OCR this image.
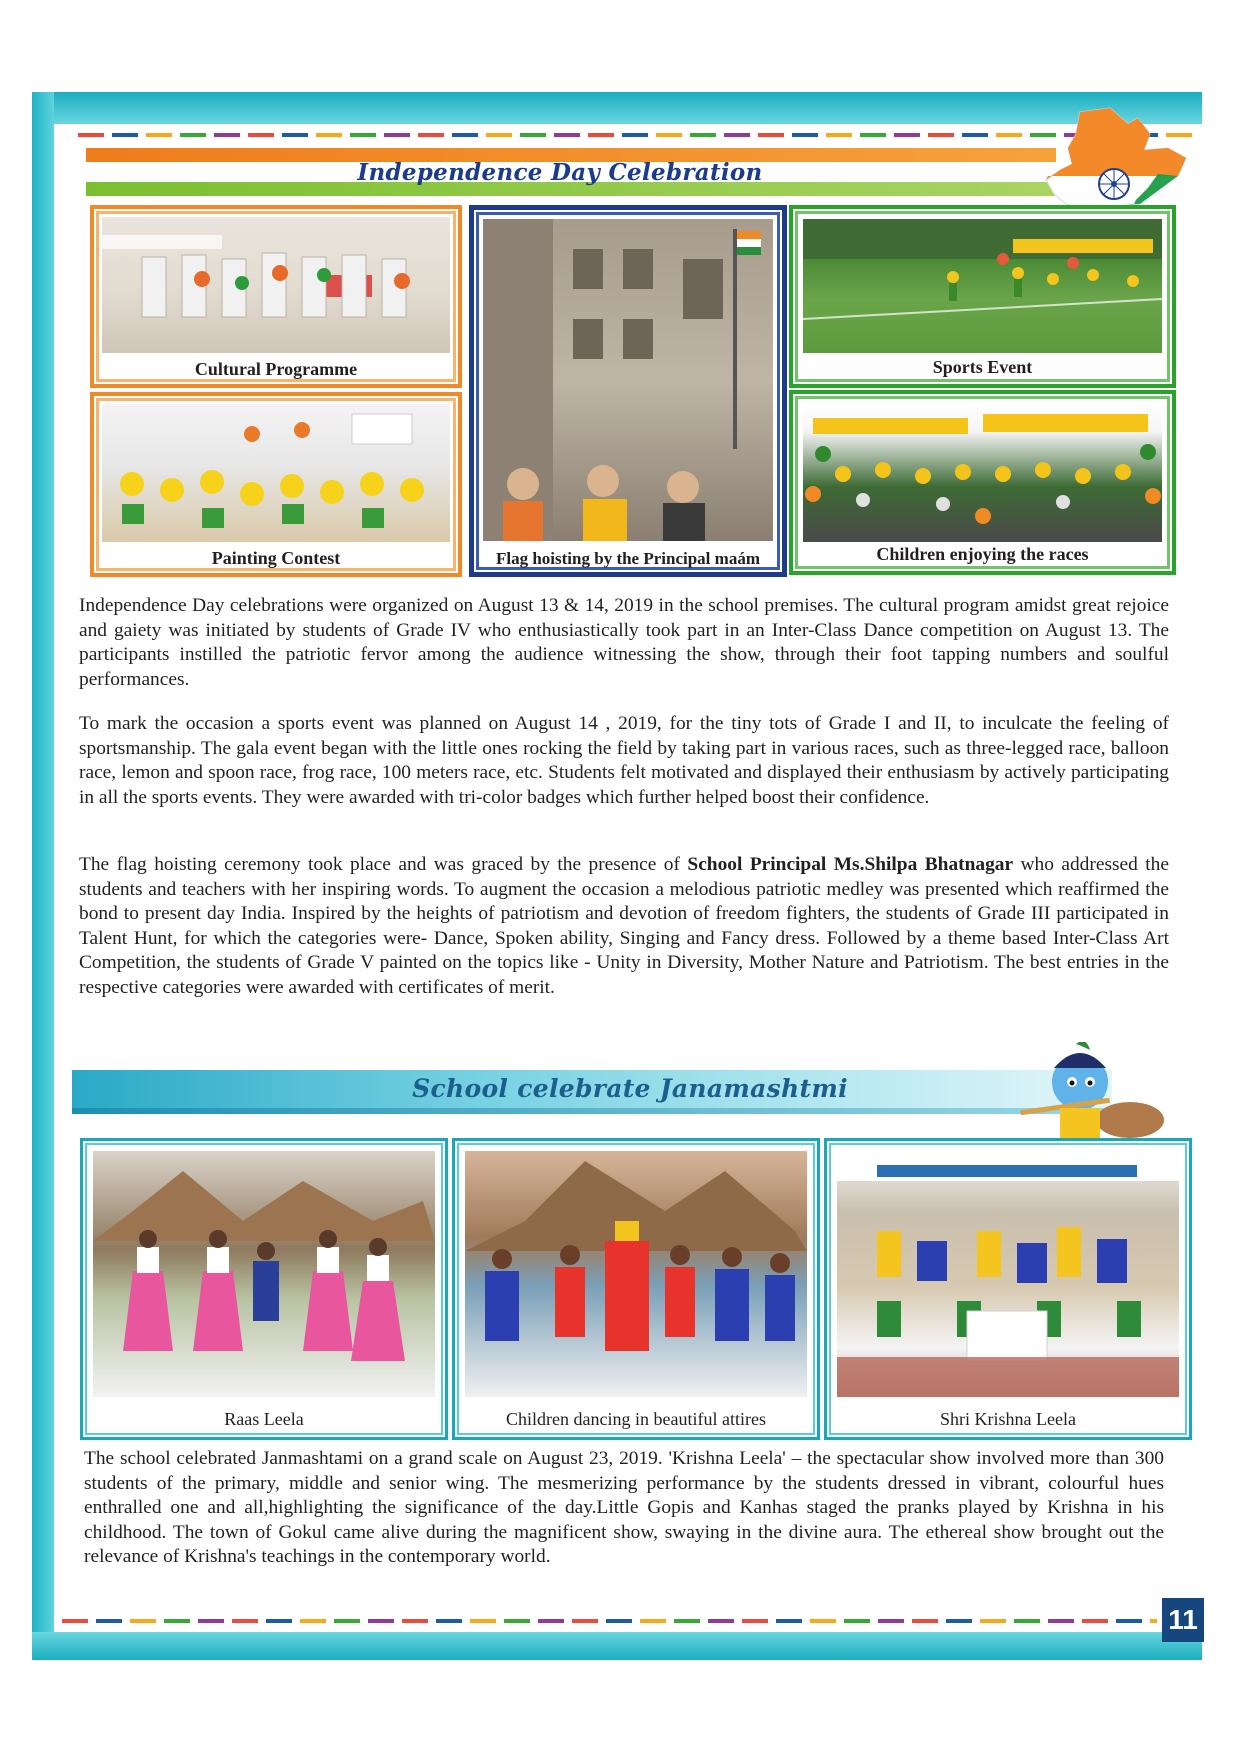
Independence Day Celebration
Cultural Programme
Painting Contest	Flag hoisting by the Principal maám
Sports Event
Children enjoying the races
Independence Day celebrations were organized on August 13 & 14, 2019 in the school premises. The cultural program amidst great rejoice and gaiety was initiated by students of Grade IV who enthusiastically took part in an Inter-Class Dance competition on August 13. The participants instilled the patriotic fervor among the audience witnessing the show, through their foot tapping numbers and soulful performances.
To mark the occasion a sports event was planned on August 14 , 2019, for the tiny tots of Grade I and II, to inculcate the feeling of sportsmanship. The gala event began with the little ones rocking the field by taking part in various races, such as three-legged race, balloon race, lemon and spoon race, frog race, 100 meters race, etc. Students felt motivated and displayed their enthusiasm by actively participating in all the sports events. They were awarded with tri-color badges which further helped boost their confidence.
The flag hoisting ceremony took place and was graced by the presence of School Principal Ms.Shilpa Bhatnagar who addressed the students and teachers with her inspiring words. To augment the occasion a melodious patriotic medley was presented which reaffirmed the bond to present day India. Inspired by the heights of patriotism and devotion of freedom fighters, the students of Grade III participated in Talent Hunt, for which the categories were- Dance, Spoken ability, Singing and Fancy dress. Followed by a theme based Inter-Class Art Competition, the students of Grade V painted on the topics like - Unity in Diversity, Mother Nature and Patriotism. The best entries in the respective categories were awarded with certificates of merit.
School celebrate Janamashtmi
Raas Leela	Children dancing in beautiful attires	Shri Krishna Leela
The school celebrated Janmashtami on a grand scale on August 23, 2019. 'Krishna Leela' – the spectacular show involved more than 300 students of the primary, middle and senior wing. The mesmerizing performance by the students dressed in vibrant, colourful hues enthralled one and all,highlighting the significance of the day.Little Gopis and Kanhas staged the pranks played by Krishna in his childhood. The town of Gokul came alive during the magnificent show, swaying in the divine aura. The ethereal show brought out the relevance of Krishna's teachings in the contemporary world.
11
